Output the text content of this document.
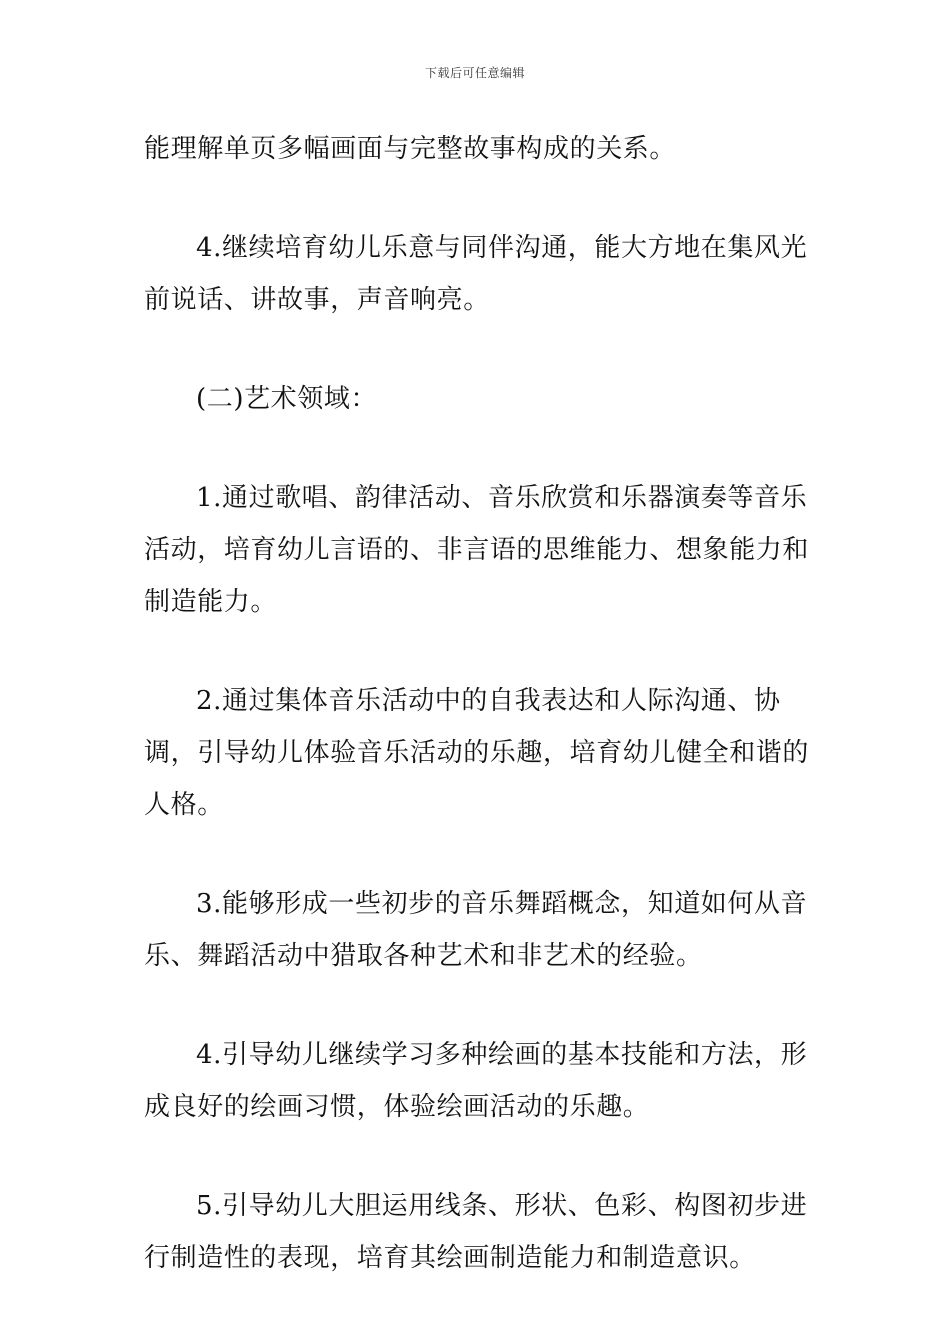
下载后可任意编辑

能理解单页多幅画面与完整故事构成的关系。

4.继续培育幼儿乐意与同伴沟通，能大方地在集风光前说话、讲故事，声音响亮。

(二)艺术领域：

1.通过歌唱、韵律活动、音乐欣赏和乐器演奏等音乐活动，培育幼儿言语的、非言语的思维能力、想象能力和制造能力。

2.通过集体音乐活动中的自我表达和人际沟通、协调，引导幼儿体验音乐活动的乐趣，培育幼儿健全和谐的人格。

3.能够形成一些初步的音乐舞蹈概念，知道如何从音乐、舞蹈活动中猎取各种艺术和非艺术的经验。

4.引导幼儿继续学习多种绘画的基本技能和方法，形成良好的绘画习惯，体验绘画活动的乐趣。

5.引导幼儿大胆运用线条、形状、色彩、构图初步进行制造性的表现，培育其绘画制造能力和制造意识。
